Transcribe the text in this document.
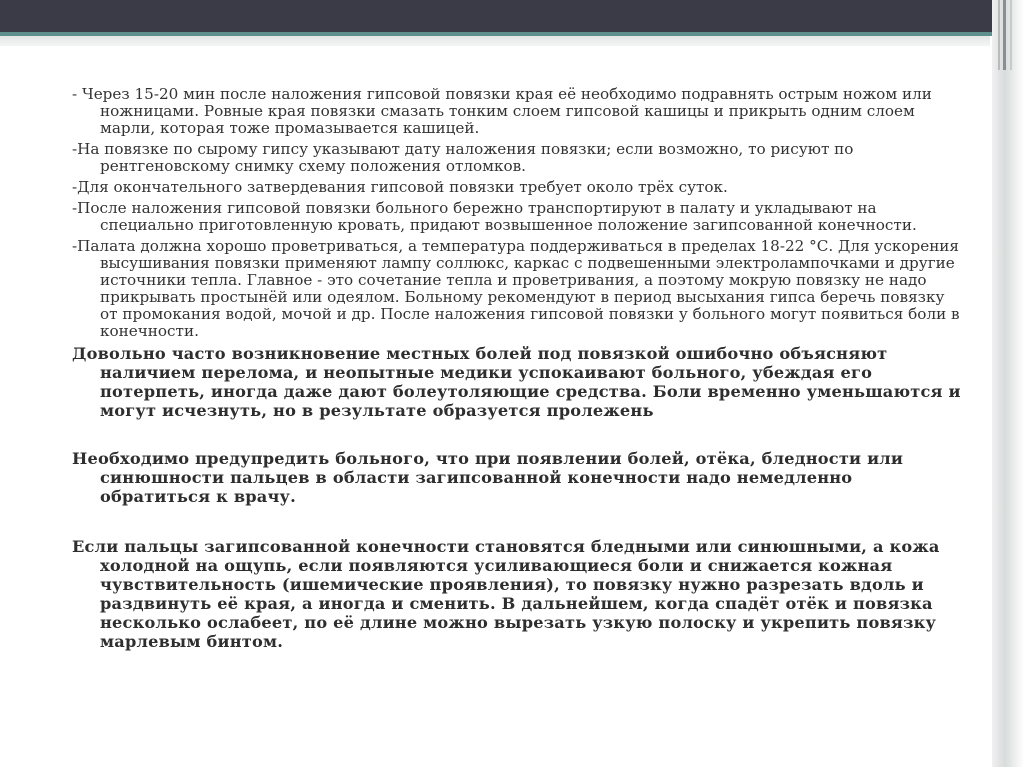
- Через 15-20 мин после наложения гипсовой повязки края её необходимо подравнять острым ножом или ножницами. Ровные края повязки смазать тонким слоем гипсовой кашицы и прикрыть одним слоем марли, которая тоже промазывается кашицей.

-На повязке по сырому гипсу указывают дату наложения повязки; если возможно, то рисуют по рентгеновскому снимку схему положения отломков.

-Для окончательного затвердевания гипсовой повязки требует около трёх суток.

-После наложения гипсовой повязки больного бережно транспортируют в палату и укладывают на специально приготовленную кровать, придают возвышенное положение загипсованной конечности.

-Палата должна хорошо проветриваться, а температура поддерживаться в пределах 18-22 °С. Для ускорения высушивания повязки применяют лампу соллюкс, каркас с подвешенными электролампочками и другие источники тепла. Главное - это сочетание тепла и проветривания, а поэтому мокрую повязку не надо прикрывать простынёй или одеялом. Больному рекомендуют в период высыхания гипса беречь повязку от промокания водой, мочой и др. После наложения гипсовой повязки у больного могут появиться боли в конечности.

Довольно часто возникновение местных болей под повязкой ошибочно объясняют наличием перелома, и неопытные медики успокаивают больного, убеждая его потерпеть, иногда даже дают болеутоляющие средства. Боли временно уменьшаются и могут исчезнуть, но в результате образуется пролежень

Необходимо предупредить больного, что при появлении болей, отёка, бледности или синюшности пальцев в области загипсованной конечности надо немедленно обратиться к врачу.

Если пальцы загипсованной конечности становятся бледными или синюшными, а кожа холодной на ощупь, если появляются усиливающиеся боли и снижается кожная чувствительность (ишемические проявления), то повязку нужно разрезать вдоль и раздвинуть её края, а иногда и сменить. В дальнейшем, когда спадёт отёк и повязка несколько ослабеет, по её длине можно вырезать узкую полоску и укрепить повязку марлевым бинтом.
